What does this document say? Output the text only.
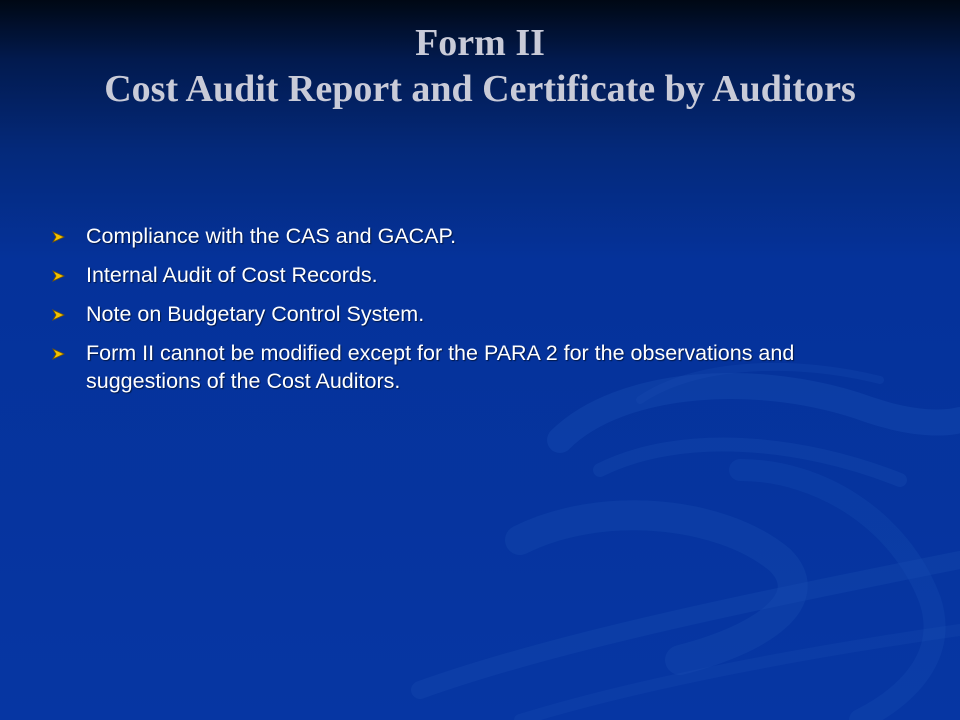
Form II
Cost Audit Report and Certificate by Auditors
Compliance with the CAS and GACAP.
Internal Audit of Cost Records.
Note on Budgetary Control System.
Form II cannot be modified except for the PARA 2 for the observations and suggestions of the Cost Auditors.
